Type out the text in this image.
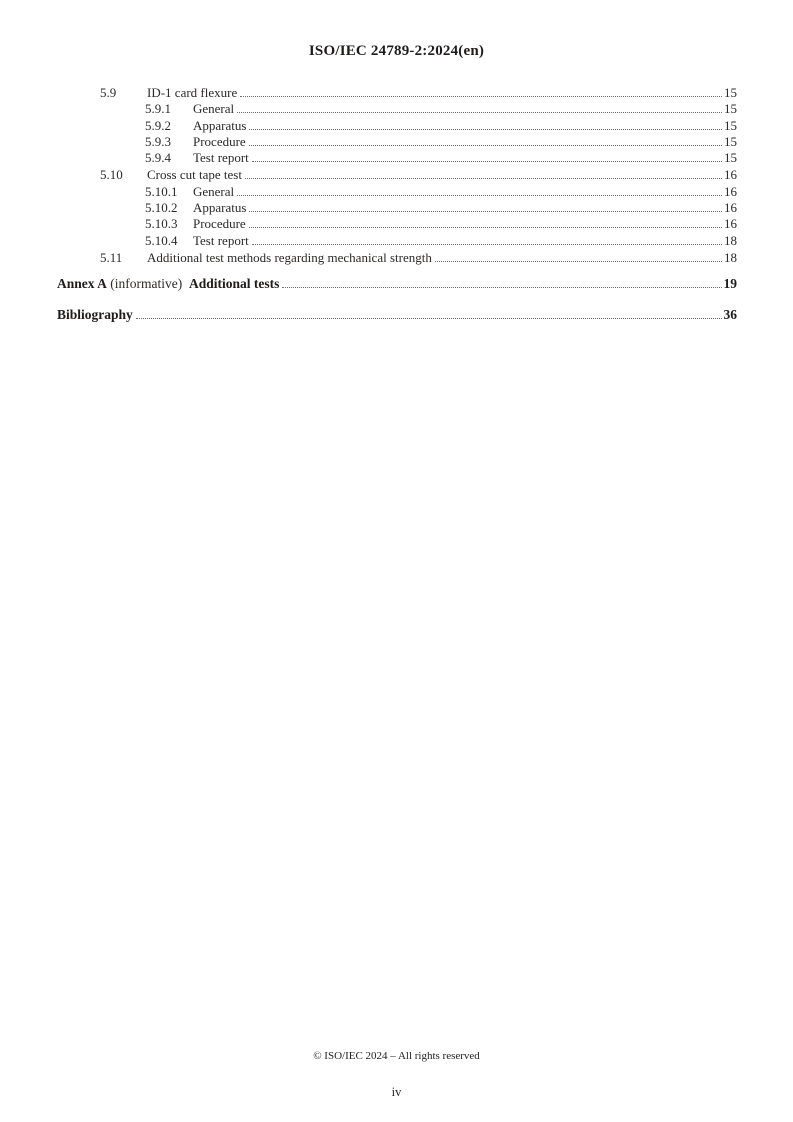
ISO/IEC 24789-2:2024(en)
5.9	ID-1 card flexure	15
5.9.1	General	15
5.9.2	Apparatus	15
5.9.3	Procedure	15
5.9.4	Test report	15
5.10	Cross cut tape test	16
5.10.1	General	16
5.10.2	Apparatus	16
5.10.3	Procedure	16
5.10.4	Test report	18
5.11	Additional test methods regarding mechanical strength	18
Annex A (informative)  Additional tests	19
Bibliography	36
© ISO/IEC 2024 – All rights reserved
iv
